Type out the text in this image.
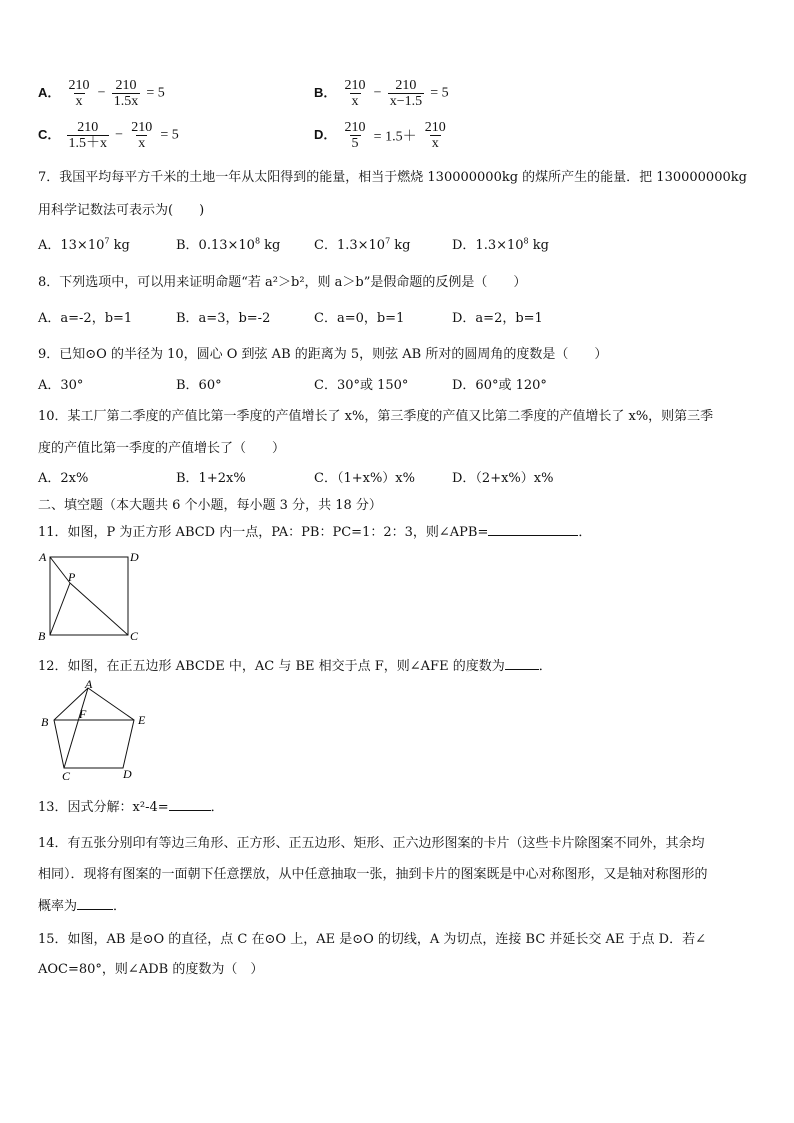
A． $\frac{210}{x} - \frac{210}{1.5x} = 5$	B． $\frac{210}{x} - \frac{210}{x-1.5} = 5$
C． $\frac{210}{1.5+x} - \frac{210}{x} = 5$	D． $\frac{210}{5} = 1.5+ \frac{210}{x}$
7．我国平均每平方千米的土地一年从太阳得到的能量，相当于燃烧 130000000kg 的煤所产生的能量．把 130000000kg
用科学记数法可表示为(　　)
A．$13\times 10^7$ kg	B．$0.13\times 10^8$ kg	C．$1.3\times 10^7$ kg	D．$1.3\times 10^8$ kg
8．下列选项中，可以用来证明命题“若 a²＞b²，则 a＞b”是假命题的反例是（　　）
A．a=-2，b=1	B．a=3，b=-2	C．a=0，b=1	D．a=2，b=1
9．已知⊙O 的半径为 10，圆心 O 到弦 AB 的距离为 5，则弦 AB 所对的圆周角的度数是（　　）
A．30°	B．60°	C．30°或 150°	D．60°或 120°
10．某工厂第二季度的产值比第一季度的产值增长了 x%，第三季度的产值又比第二季度的产值增长了 x%，则第三季
度的产值比第一季度的产值增长了（　　）
A．2x%	B．1+2x%	C．（1+x%）x%	D．（2+x%）x%
二、填空题（本大题共 6 个小题，每小题 3 分，共 18 分）
11．如图，P 为正方形 ABCD 内一点，PA：PB：PC=1：2：3，则∠APB=	．
A	D
P
B	C
12．如图，在正五边形 ABCDE 中，AC 与 BE 相交于点 F，则∠AFE 的度数为	．
A
B	E
F
C	D
13．因式分解：x²-4=	．
14．有五张分别印有等边三角形、正方形、正五边形、矩形、正六边形图案的卡片（这些卡片除图案不同外，其余均
相同）．现将有图案的一面朝下任意摆放，从中任意抽取一张，抽到卡片的图案既是中心对称图形，又是轴对称图形的
概率为	．
15．如图，AB 是⊙O 的直径，点 C 在⊙O 上，AE 是⊙O 的切线，A 为切点，连接 BC 并延长交 AE 于点 D．若∠
AOC=80°，则∠ADB 的度数为（　）
